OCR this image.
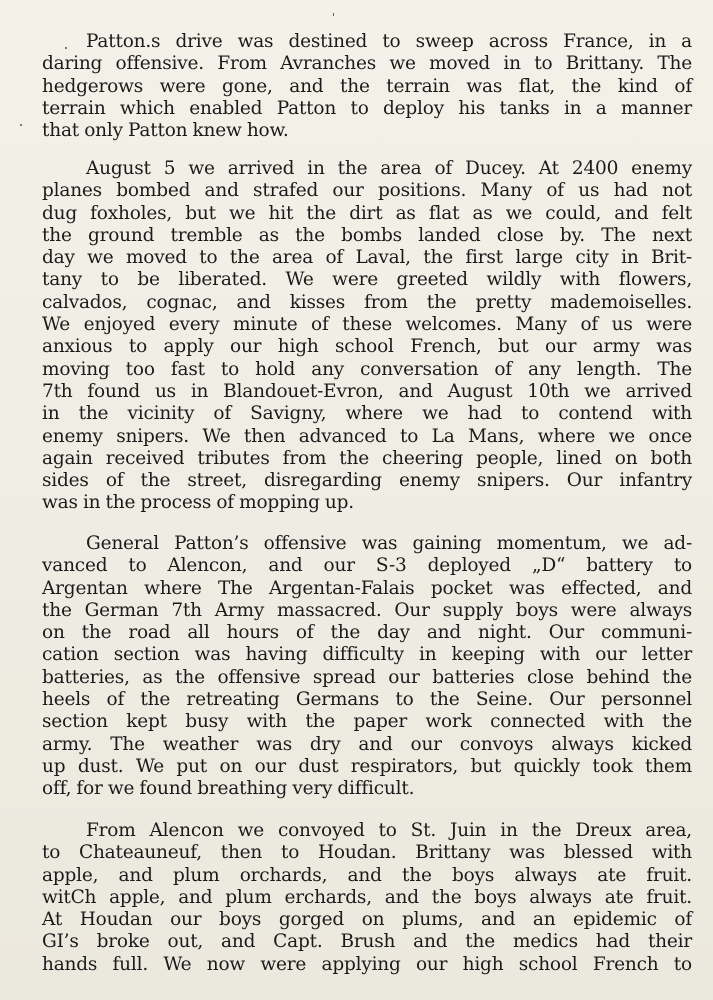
Patton.s drive was destined to sweep across France, in a
daring offensive. From Avranches we moved in to Brittany. The
hedgerows were gone, and the terrain was flat, the kind of
terrain which enabled Patton to deploy his tanks in a manner
that only Patton knew how.
August 5 we arrived in the area of Ducey. At 2400 enemy
planes bombed and strafed our positions. Many of us had not
dug foxholes, but we hit the dirt as flat as we could, and felt
the ground tremble as the bombs landed close by. The next
day we moved to the area of Laval, the first large city in Brit-
tany to be liberated. We were greeted wildly with flowers,
calvados, cognac, and kisses from the pretty mademoiselles.
We enjoyed every minute of these welcomes. Many of us were
anxious to apply our high school French, but our army was
moving too fast to hold any conversation of any length. The
7th found us in Blandouet-Evron, and August 10th we arrived
in the vicinity of Savigny, where we had to contend with
enemy snipers. We then advanced to La Mans, where we once
again received tributes from the cheering people, lined on both
sides of the street, disregarding enemy snipers. Our infantry
was in the process of mopping up.
General Patton’s offensive was gaining momentum, we ad-
vanced to Alencon, and our S-3 deployed „D“ battery to
Argentan where The Argentan-Falais pocket was effected, and
the German 7th Army massacred. Our supply boys were always
on the road all hours of the day and night. Our communi-
cation section was having difficulty in keeping with our letter
batteries, as the offensive spread our batteries close behind the
heels of the retreating Germans to the Seine. Our personnel
section kept busy with the paper work connected with the
army. The weather was dry and our convoys always kicked
up dust. We put on our dust respirators, but quickly took them
off, for we found breathing very difficult.
From Alencon we convoyed to St. Juin in the Dreux area,
to Chateauneuf, then to Houdan. Brittany was blessed with
apple, and plum orchards, and the boys always ate fruit.
witCh apple, and plum erchards, and the boys always ate fruit.
At Houdan our boys gorged on plums, and an epidemic of
GI’s broke out, and Capt. Brush and the medics had their
hands full. We now were applying our high school French to
